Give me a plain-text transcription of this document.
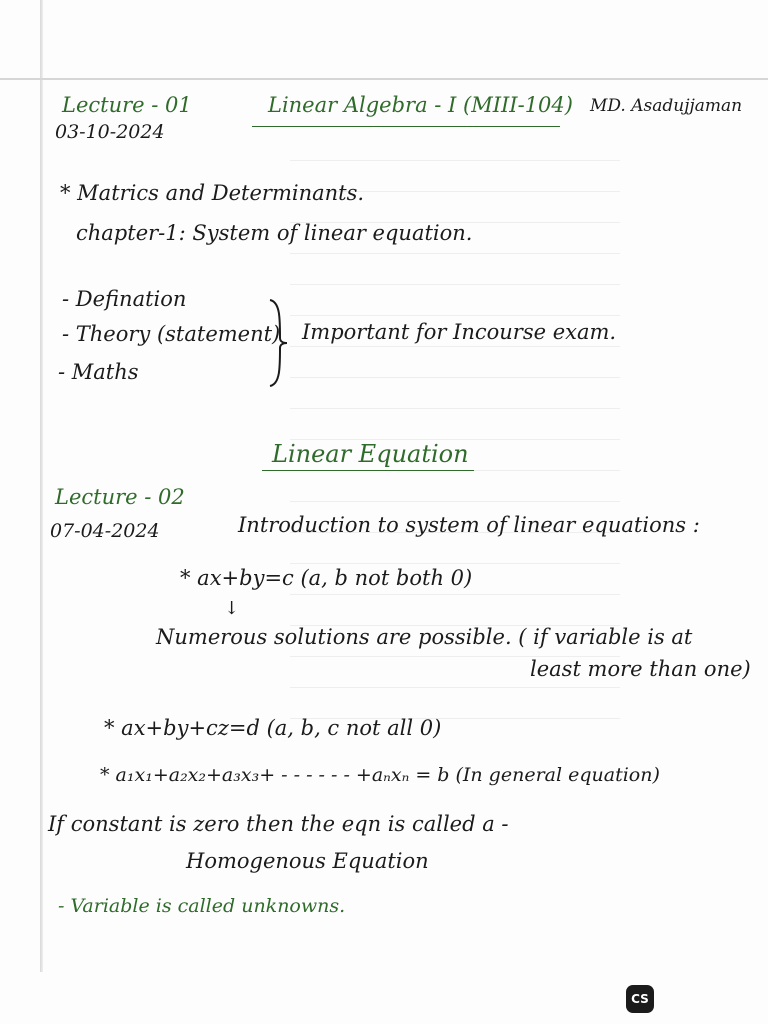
Lecture - 01
03-10-2024
Linear Algebra - I (MIII-104) MD. Asadujjaman
* Matrics and Determinants.
chapter-1: System of linear equation.
- Defination
- Theory (statement)
- Maths
Important for Incourse exam.
Linear Equation
Lecture - 02
07-04-2024	Introduction to system of linear equations :
* ax+by=c (a, b not both 0)
↓
Numerous solutions are possible. ( if variable is at
least more than one)
* ax+by+cz=d (a, b, c not all 0)
* a₁x₁+a₂x₂+a₃x₃+ - - - - - - +aₙxₙ = b (In general equation)
If constant is zero then the eqn is called a -
Homogenous Equation
- Variable is called unknowns.
CS
